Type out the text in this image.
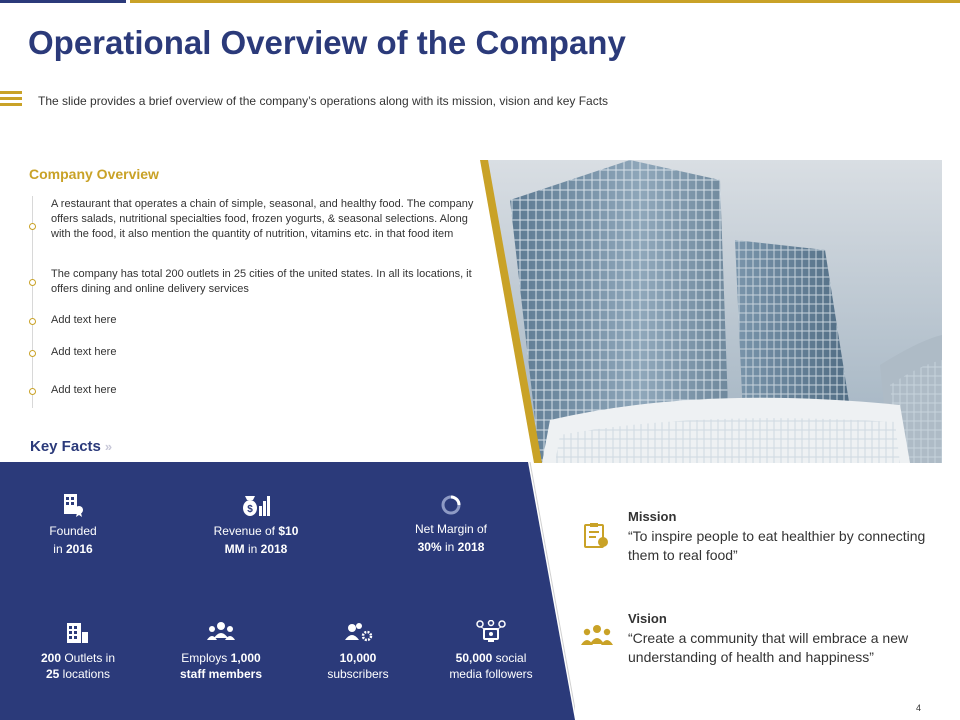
Operational Overview of the Company
The slide provides a brief overview of the company’s operations along with its mission, vision and key Facts
Company Overview
A restaurant that operates a chain of simple, seasonal, and healthy food. The company offers salads, nutritional specialties food, frozen yogurts, & seasonal selections. Along with the food, it also mention the quantity of nutrition, vitamins etc. in that food item
The company has total 200 outlets in 25 cities of the united states. In all its locations, it offers dining and online delivery services
Add text here
Add text here
Add text here
Key Facts »
Founded
in 2016
$
Revenue of $10
MM in 2018
Net Margin of
30% in 2018
200 Outlets in
25 locations
Employs 1,000
staff members
10,000
subscribers
50,000 social
media followers
Mission
“To inspire people to eat healthier by connecting them to real food”
Vision
“Create a community that will embrace a new understanding of health and happiness”
4
